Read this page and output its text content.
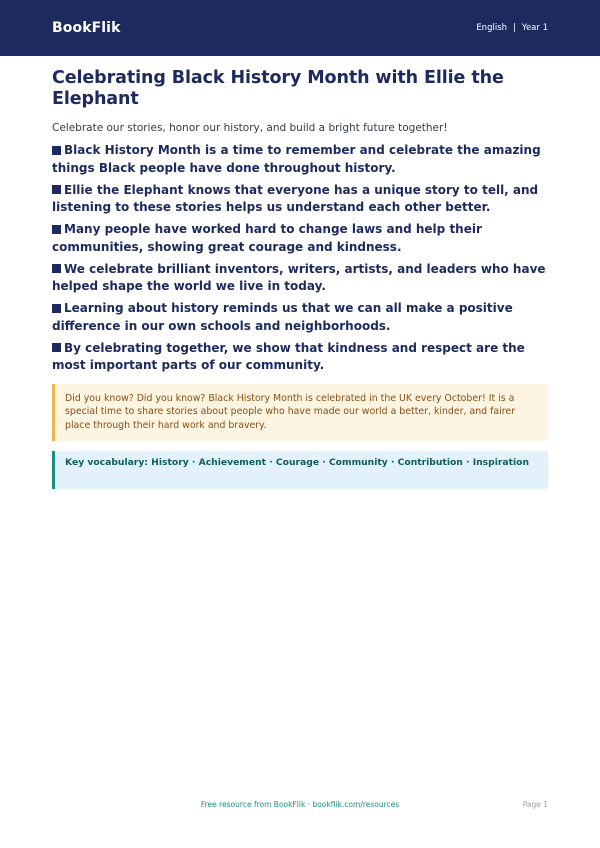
BookFlik	English | Year 1
Celebrating Black History Month with Ellie the Elephant

Celebrate our stories, honor our history, and build a bright future together!

Black History Month is a time to remember and celebrate the amazing things Black people have done throughout history.
Ellie the Elephant knows that everyone has a unique story to tell, and listening to these stories helps us understand each other better.
Many people have worked hard to change laws and help their communities, showing great courage and kindness.
We celebrate brilliant inventors, writers, artists, and leaders who have helped shape the world we live in today.
Learning about history reminds us that we can all make a positive difference in our own schools and neighborhoods.
By celebrating together, we show that kindness and respect are the most important parts of our community.
Did you know? Did you know? Black History Month is celebrated in the UK every October! It is a special time to share stories about people who have made our world a better, kinder, and fairer place through their hard work and bravery.
Key vocabulary: History · Achievement · Courage · Community · Contribution · Inspiration
Free resource from BookFlik · bookflik.com/resources	Page 1
